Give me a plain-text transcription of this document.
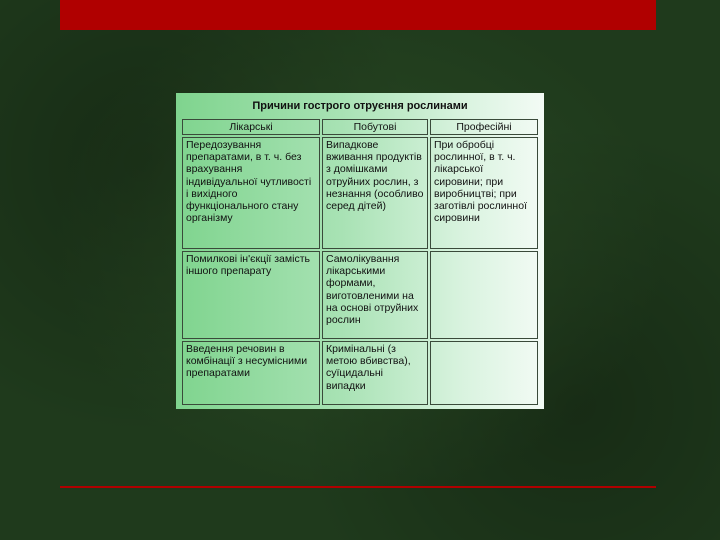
Причини гострого отруєння рослинами
Лікарські	Побутові	Професійні
Передозування препаратами, в т. ч. без врахування індивідуальної чутливості і вихідного функціонального стану організму	Випадкове вживання продуктів з домішками отруйних рослин, з незнання (особливо серед дітей)	При обробці рослинної, в т. ч. лікарської сировини; при виробництві; при заготівлі рослинної сировини
Помилкові ін'єкції замість іншого препарату	Самолікування лікарськими формами, виготовленими на на основі отруйних рослин	
Введення речовин в комбінації з несумісними препаратами	Кримінальні (з метою вбивства), суїцидальні випадки	
